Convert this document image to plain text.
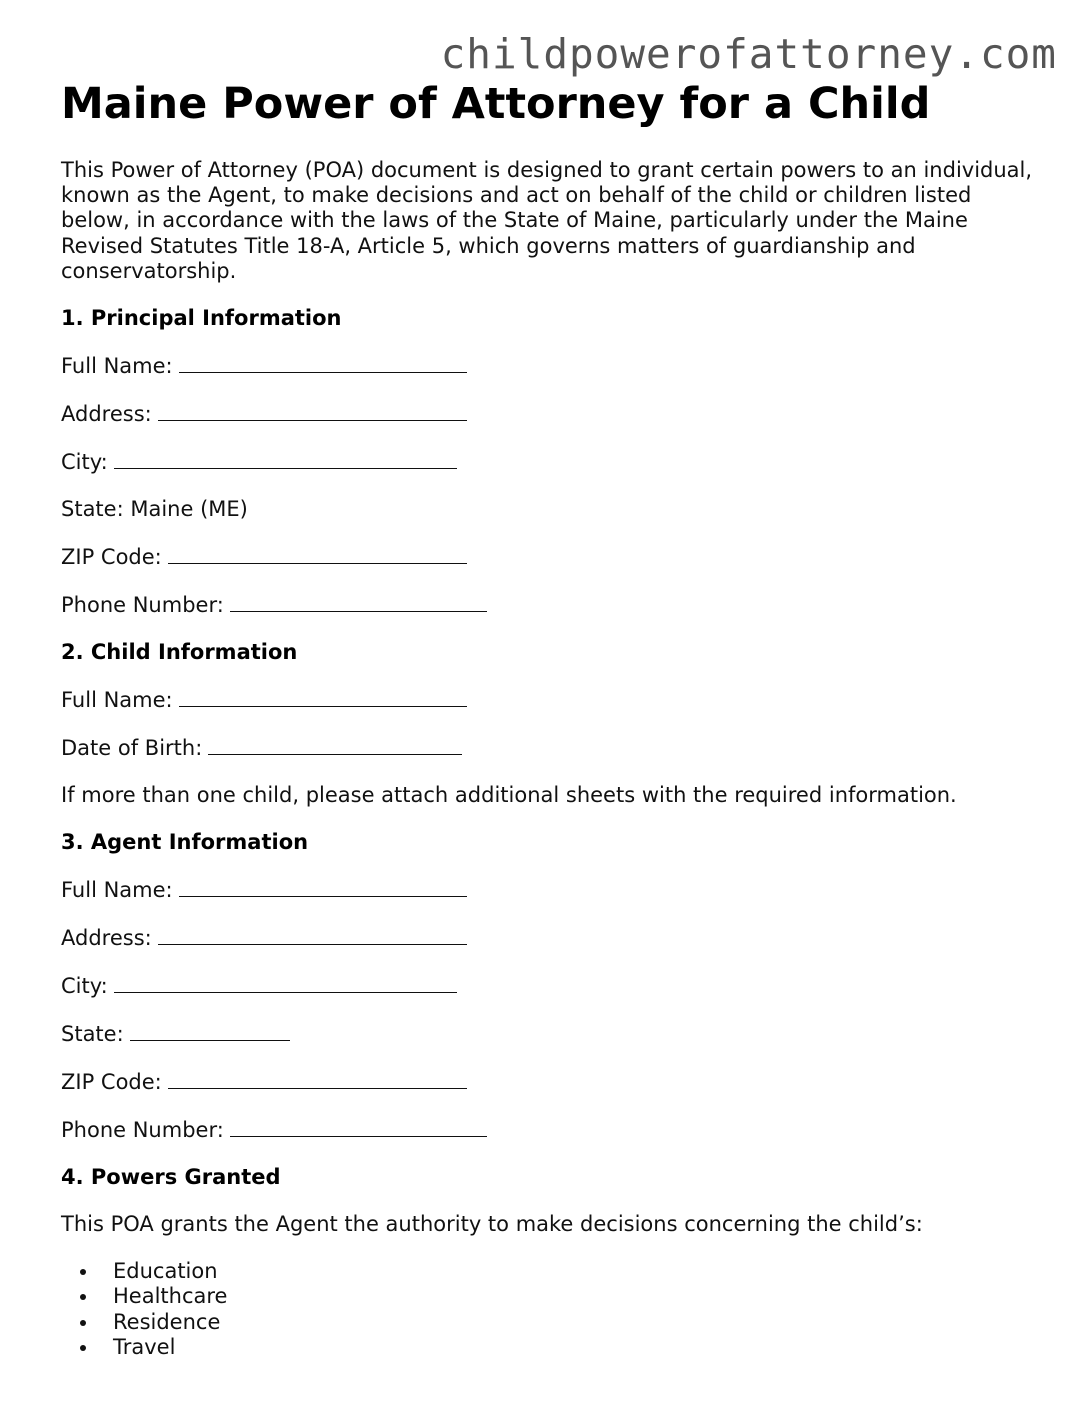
childpowerofattorney.com
Maine Power of Attorney for a Child

This Power of Attorney (POA) document is designed to grant certain powers to an individual, known as the Agent, to make decisions and act on behalf of the child or children listed below, in accordance with the laws of the State of Maine, particularly under the Maine Revised Statutes Title 18-A, Article 5, which governs matters of guardianship and conservatorship.

1. Principal Information

Full Name:

Address:

City:

State: Maine (ME)

ZIP Code:

Phone Number:

2. Child Information

Full Name:

Date of Birth:

If more than one child, please attach additional sheets with the required information.

3. Agent Information

Full Name:

Address:

City:

State:

ZIP Code:

Phone Number:

4. Powers Granted

This POA grants the Agent the authority to make decisions concerning the child’s:

Education
Healthcare
Residence
Travel
